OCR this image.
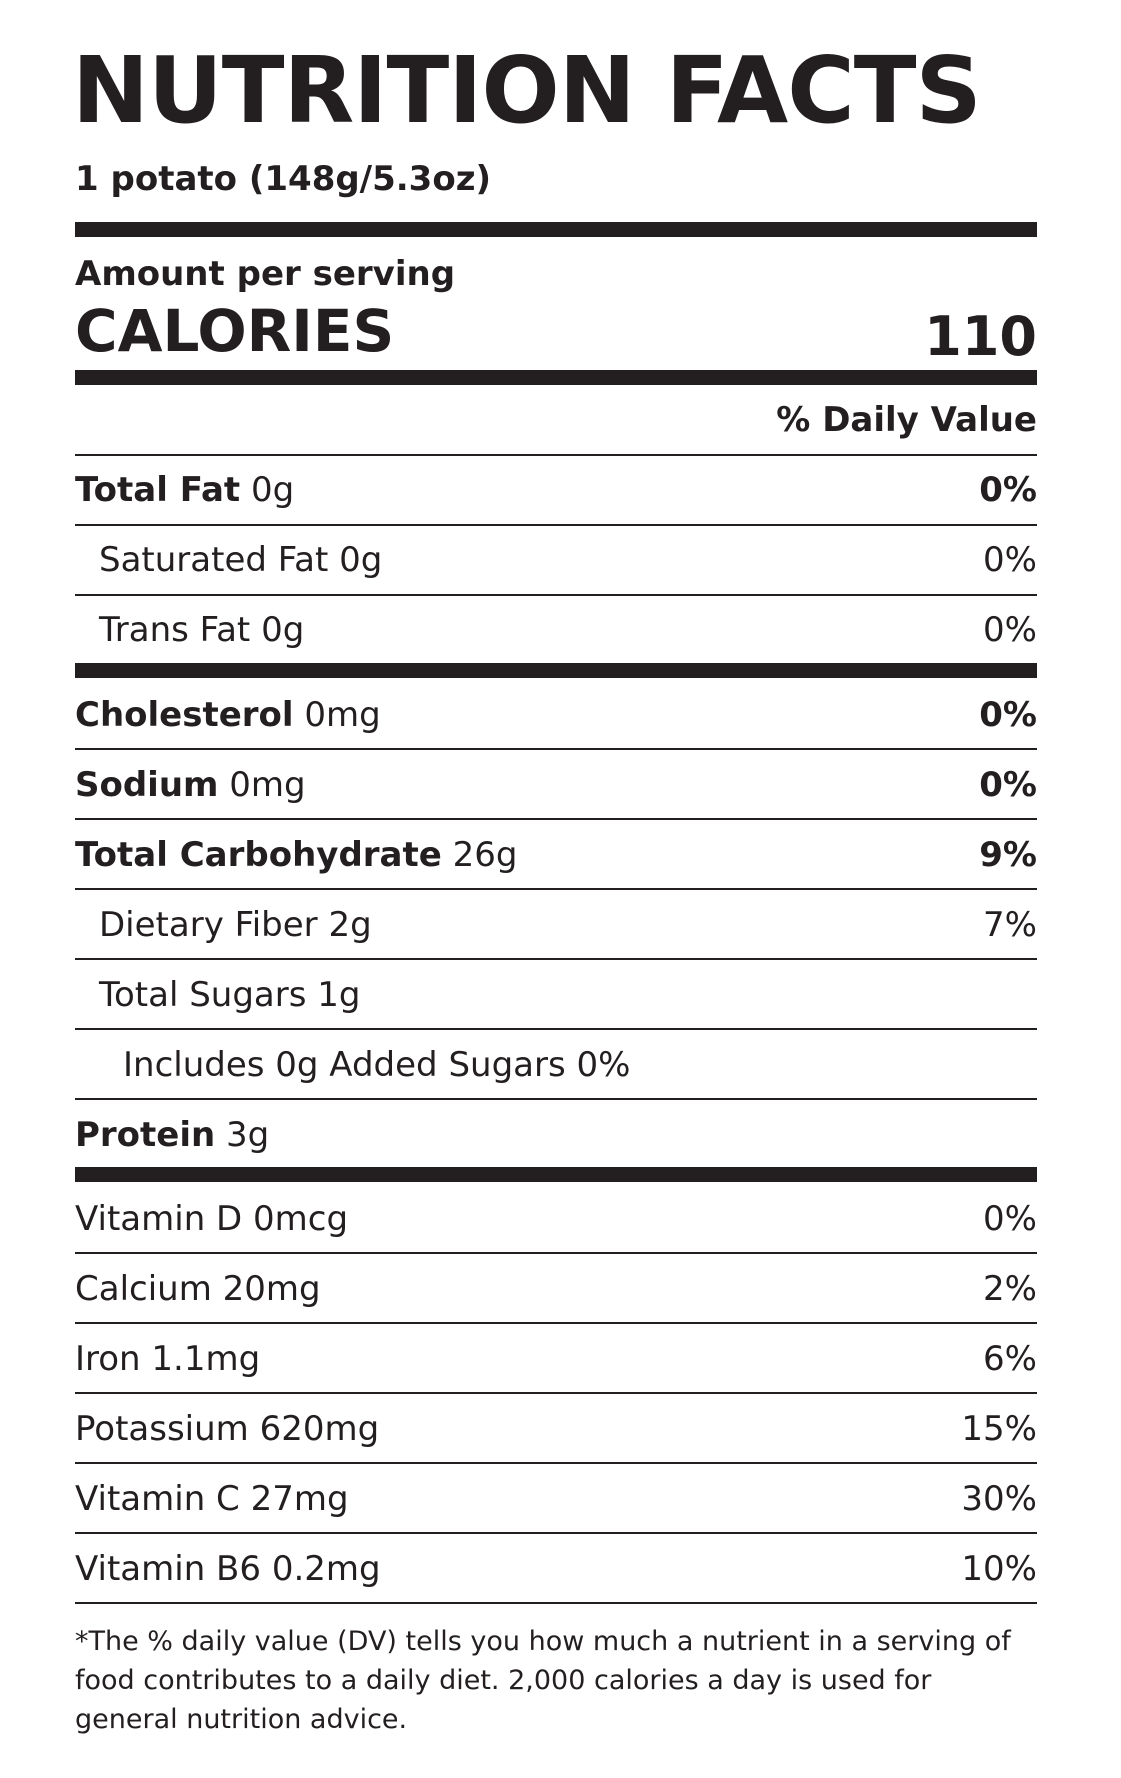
NUTRITION FACTS
1 potato (148g/5.3oz)
Amount per serving
CALORIES	110
% Daily Value
Total Fat 0g	0%
Saturated Fat 0g	0%
Trans Fat 0g	0%
Cholesterol 0mg	0%
Sodium 0mg	0%
Total Carbohydrate 26g	9%
Dietary Fiber 2g	7%
Total Sugars 1g
Includes 0g Added Sugars 0%
Protein 3g
Vitamin D 0mcg	0%
Calcium 20mg	2%
Iron 1.1mg	6%
Potassium 620mg	15%
Vitamin C 27mg	30%
Vitamin B6 0.2mg	10%
*The % daily value (DV) tells you how much a nutrient in a serving of food contributes to a daily diet. 2,000 calories a day is used for general nutrition advice.
